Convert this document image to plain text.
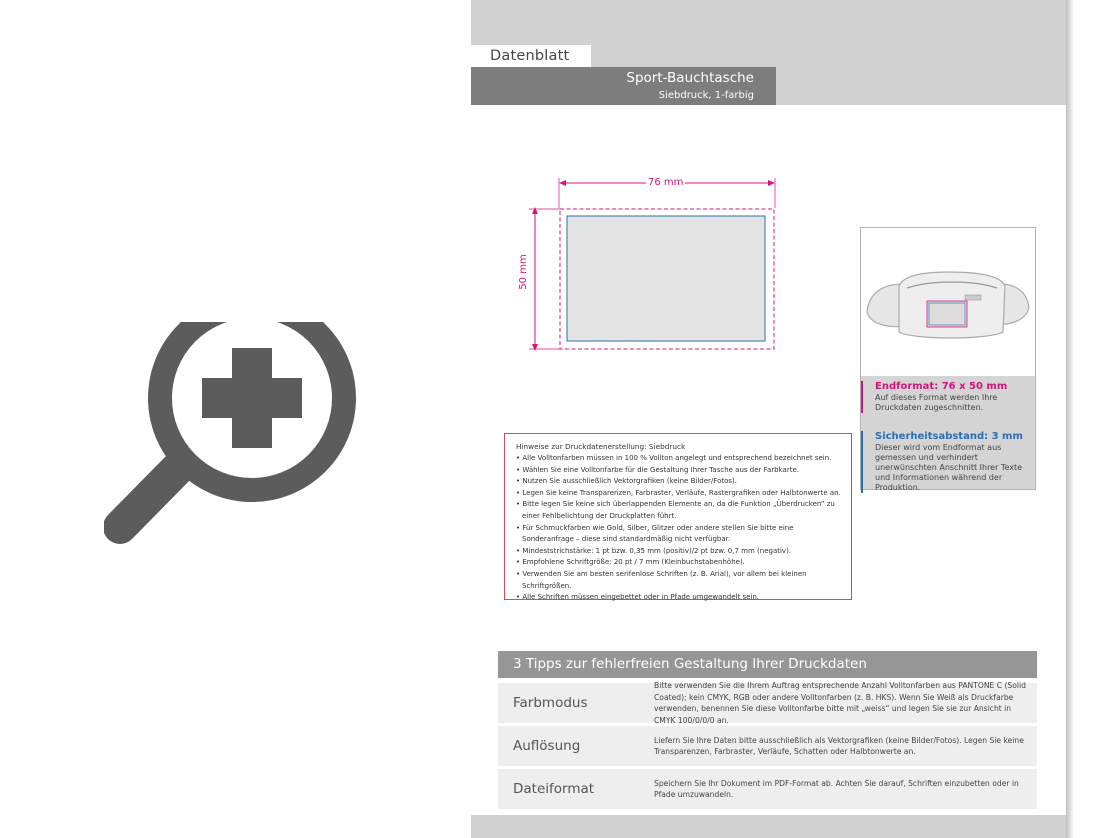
Datenblatt
Sport-Bauchtasche
Siebdruck, 1-farbig
76 mm
50 mm
Endformat: 76 x 50 mm
Auf dieses Format werden Ihre Druckdaten zugeschnitten.
Sicherheitsabstand: 3 mm
Dieser wird vom Endformat aus gemessen und verhindert unerwünschten Anschnitt Ihrer Texte und Informationen während der Produktion.
Hinweise zur Druckdatenerstellung: Siebdruck
• Alle Volltonfarben müssen in 100 % Vollton angelegt und entsprechend bezeichnet sein.
• Wählen Sie eine Volltonfarbe für die Gestaltung Ihrer Tasche aus der Farbkarte.
• Nutzen Sie ausschließlich Vektorgrafiken (keine Bilder/Fotos).
• Legen Sie keine Transparenzen, Farbraster, Verläufe, Rastergrafiken oder Halbtonwerte an.
• Bitte legen Sie keine sich überlappenden Elemente an, da die Funktion „Überdrucken“ zu einer Fehlbelichtung der Druckplatten führt.
• Für Schmuckfarben wie Gold, Silber, Glitzer oder andere stellen Sie bitte eine Sonderanfrage – diese sind standardmäßig nicht verfügbar.
• Mindeststrichstärke: 1 pt bzw. 0,35 mm (positiv)/2 pt bzw. 0,7 mm (negativ).
• Empfohlene Schriftgröße: 20 pt / 7 mm (Kleinbuchstabenhöhe).
• Verwenden Sie am besten serifenlose Schriften (z. B. Arial), vor allem bei kleinen Schriftgrößen.
• Alle Schriften müssen eingebettet oder in Pfade umgewandelt sein.
3 Tipps zur fehlerfreien Gestaltung Ihrer Druckdaten
Farbmodus
Bitte verwenden Sie die Ihrem Auftrag entsprechende Anzahl Volltonfarben aus PANTONE C (Solid Coated); kein CMYK, RGB oder andere Volltonfarben (z. B. HKS). Wenn Sie Weiß als Druckfarbe verwenden, benennen Sie diese Volltonfarbe bitte mit „weiss“ und legen Sie sie zur Ansicht in CMYK 100/0/0/0 an.
Auflösung	Liefern Sie Ihre Daten bitte ausschließlich als Vektorgrafiken (keine Bilder/Fotos). Legen Sie keine Transparenzen, Farbraster, Verläufe, Schatten oder Halbtonwerte an.
Dateiformat	Speichern Sie Ihr Dokument im PDF-Format ab. Achten Sie darauf, Schriften einzubetten oder in Pfade umzuwandeln.
